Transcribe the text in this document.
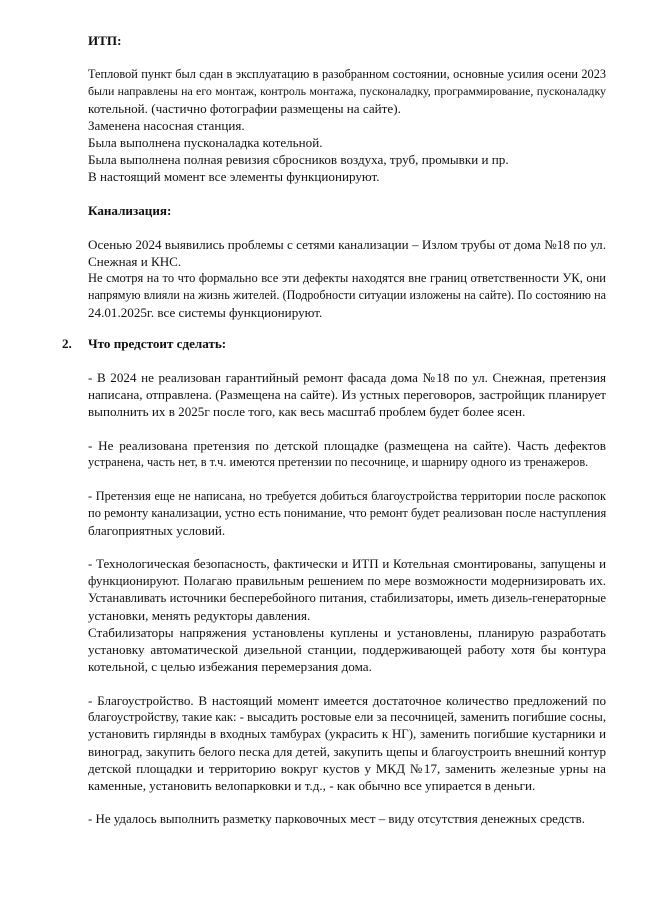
ИТП:
Тепловой пункт был сдан в эксплуатацию в разобранном состоянии, основные усилия осени 2023
были направлены на его монтаж, контроль монтажа, пусконаладку, программирование, пусконаладку
котельной. (частично фотографии размещены на сайте).
Заменена насосная станция.
Была выполнена пусконаладка котельной.
Была выполнена полная ревизия сбросников воздуха, труб, промывки и пр.
В настоящий момент все элементы функционируют.
Канализация:
Осенью 2024 выявились проблемы с сетями канализации – Излом трубы от дома №18 по ул.
Снежная и КНС.
Не смотря на то что формально все эти дефекты находятся вне границ ответственности УК, они
напрямую влияли на жизнь жителей. (Подробности ситуации изложены на сайте). По состоянию на
24.01.2025г. все системы функционируют.
2. Что предстоит сделать:
- В 2024 не реализован гарантийный ремонт фасада дома №18 по ул. Снежная, претензия
написана, отправлена. (Размещена на сайте). Из устных переговоров, застройщик планирует
выполнить их в 2025г после того, как весь масштаб проблем будет более ясен.
- Не реализована претензия по детской площадке (размещена на сайте). Часть дефектов
устранена, часть нет, в т.ч. имеются претензии по песочнице, и шарниру одного из тренажеров.
- Претензия еще не написана, но требуется добиться благоустройства территории после раскопок
по ремонту канализации, устно есть понимание, что ремонт будет реализован после наступления
благоприятных условий.
- Технологическая безопасность, фактически и ИТП и Котельная смонтированы, запущены и
функционируют. Полагаю правильным решением по мере возможности модернизировать их.
Устанавливать источники бесперебойного питания, стабилизаторы, иметь дизель-генераторные
установки, менять редукторы давления.
Стабилизаторы напряжения установлены куплены и установлены, планирую разработать
установку автоматической дизельной станции, поддерживающей работу хотя бы контура
котельной, с целью избежания перемерзания дома.
- Благоустройство. В настоящий момент имеется достаточное количество предложений по
благоустройству, такие как: - высадить ростовые ели за песочницей, заменить погибшие сосны,
установить гирлянды в входных тамбурах (украсить к НГ), заменить погибшие кустарники и
виноград, закупить белого песка для детей, закупить щепы и благоустроить внешний контур
детской площадки и территорию вокруг кустов у МКД №17, заменить железные урны на
каменные, установить велопарковки и т.д., - как обычно все упирается в деньги.
- Не удалось выполнить разметку парковочных мест – виду отсутствия денежных средств.
